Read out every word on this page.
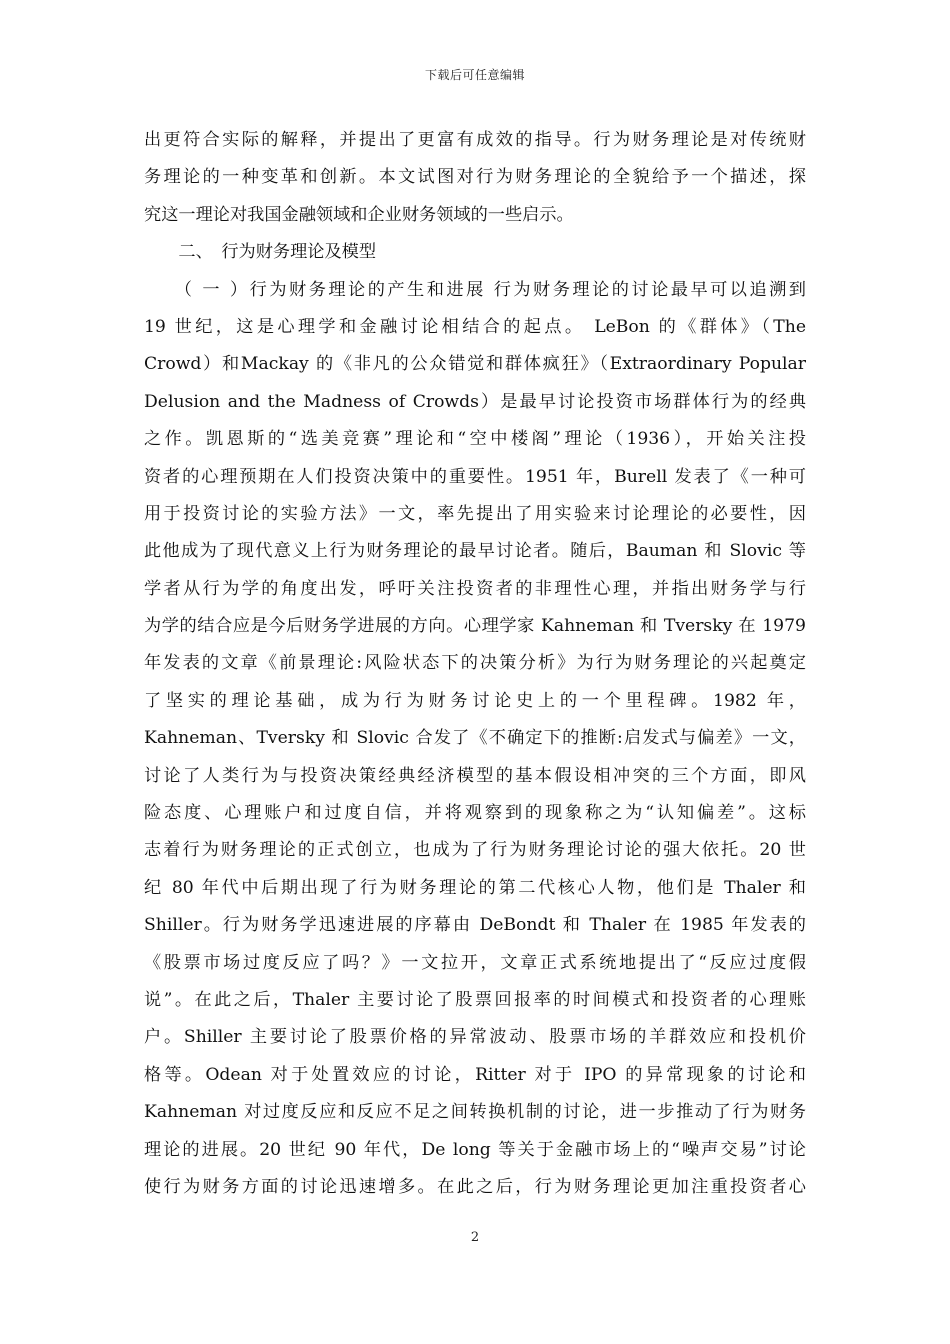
下载后可任意编辑
出更符合实际的解释，并提出了更富有成效的指导。行为财务理论是对传统财
务理论的一种变革和创新。本文试图对行为财务理论的全貌给予一个描述，探
究这一理论对我国金融领域和企业财务领域的一些启示。
　　二、　行为财务理论及模型
　　（ 一 ）行为财务理论的产生和进展 行为财务理论的讨论最早可以追溯到
19 世纪，这是心理学和金融讨论相结合的起点。 LeBon 的《群体》（The
Crowd）和Mackay 的《非凡的公众错觉和群体疯狂》（Extraordinary Popular
Delusion and the Madness of Crowds）是最早讨论投资市场群体行为的经典
之作。凯恩斯的“选美竞赛”理论和“空中楼阁”理论（1936），开始关注投
资者的心理预期在人们投资决策中的重要性。1951 年，Burell 发表了《一种可
用于投资讨论的实验方法》一文，率先提出了用实验来讨论理论的必要性，因
此他成为了现代意义上行为财务理论的最早讨论者。随后，Bauman 和 Slovic 等
学者从行为学的角度出发，呼吁关注投资者的非理性心理，并指出财务学与行
为学的结合应是今后财务学进展的方向。心理学家 Kahneman 和 Tversky 在 1979
年发表的文章《前景理论:风险状态下的决策分析》为行为财务理论的兴起奠定
了坚实的理论基础，成为行为财务讨论史上的一个里程碑。1982 年，
Kahneman、Tversky 和 Slovic 合发了《不确定下的推断:启发式与偏差》一文，
讨论了人类行为与投资决策经典经济模型的基本假设相冲突的三个方面，即风
险态度、心理账户和过度自信，并将观察到的现象称之为“认知偏差”。这标
志着行为财务理论的正式创立，也成为了行为财务理论讨论的强大依托。20 世
纪 80 年代中后期出现了行为财务理论的第二代核心人物，他们是 Thaler 和
Shiller。行为财务学迅速进展的序幕由 DeBondt 和 Thaler 在 1985 年发表的
《股票市场过度反应了吗？》一文拉开，文章正式系统地提出了“反应过度假
说”。在此之后，Thaler 主要讨论了股票回报率的时间模式和投资者的心理账
户。Shiller 主要讨论了股票价格的异常波动、股票市场的羊群效应和投机价
格等。Odean 对于处置效应的讨论，Ritter 对于 IPO 的异常现象的讨论和
Kahneman 对过度反应和反应不足之间转换机制的讨论，进一步推动了行为财务
理论的进展。20 世纪 90 年代，De long 等关于金融市场上的“噪声交易”讨论
使行为财务方面的讨论迅速增多。在此之后，行为财务理论更加注重投资者心
2
